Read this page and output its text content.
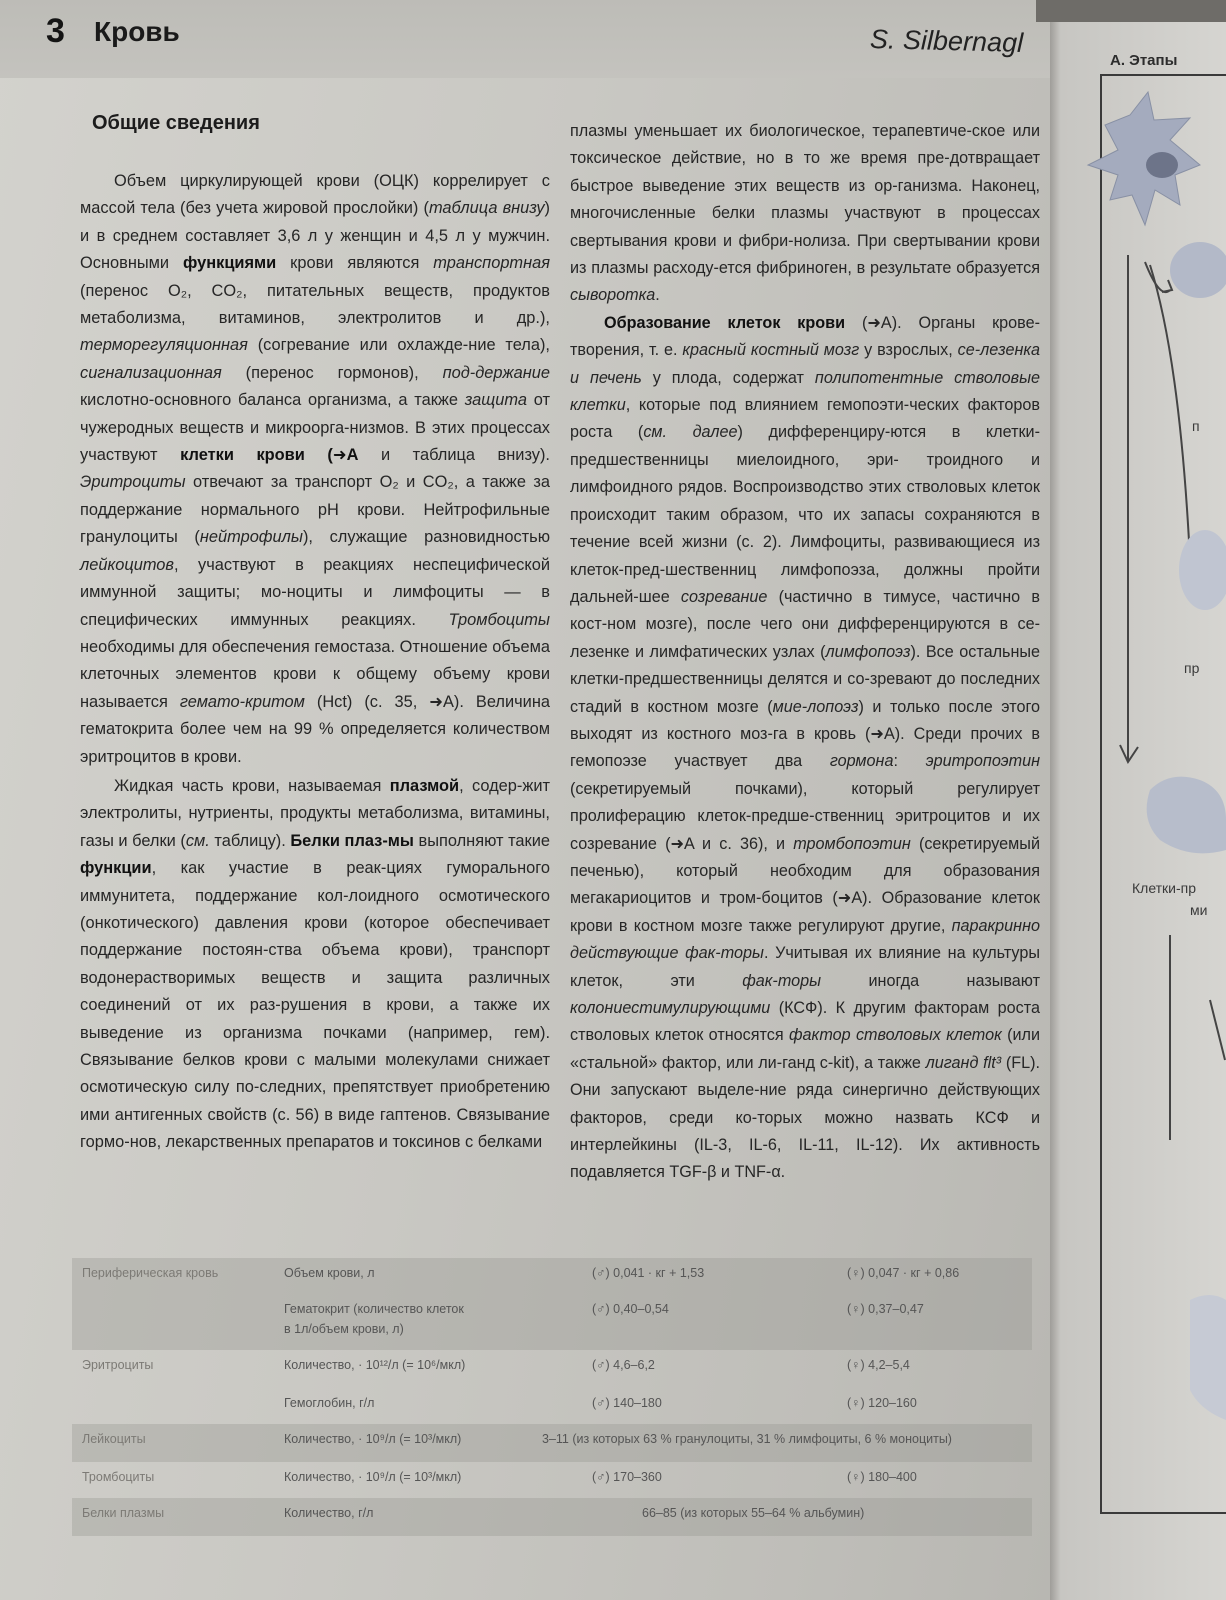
3 Кровь	S. Silbernagl
Общие сведения

Объем циркулирующей крови (ОЦК) коррелирует с массой тела (без учета жировой прослойки) (таблица внизу) и в среднем составляет 3,6 л у женщин и 4,5 л у мужчин. Основными функциями крови являются транспортная (перенос O₂, CO₂, питательных веществ, продуктов метаболизма, витаминов, электролитов и др.), терморегуляционная (согревание или охлажде-ние тела), сигнализационная (перенос гормонов), под-держание кислотно-основного баланса организма, а также защита от чужеродных веществ и микроорга-низмов. В этих процессах участвуют клетки крови (➜A и таблица внизу). Эритроциты отвечают за транспорт O₂ и CO₂, а также за поддержание нормального pH крови. Нейтрофильные гранулоциты (нейтрофилы), служащие разновидностью лейкоцитов, участвуют в реакциях неспецифической иммунной защиты; мо-ноциты и лимфоциты — в специфических иммунных реакциях. Тромбоциты необходимы для обеспечения гемостаза. Отношение объема клеточных элементов крови к общему объему крови называется гемато-критом (Hct) (с. 35, ➜A). Величина гематокрита более чем на 99 % определяется количеством эритроцитов в крови.

Жидкая часть крови, называемая плазмой, содер-жит электролиты, нутриенты, продукты метаболизма, витамины, газы и белки (см. таблицу). Белки плаз-мы выполняют такие функции, как участие в реак-циях гуморального иммунитета, поддержание кол-лоидного осмотического (онкотического) давления крови (которое обеспечивает поддержание постоян-ства объема крови), транспорт водонерастворимых веществ и защита различных соединений от их раз-рушения в крови, а также их выведение из организма почками (например, гем). Связывание белков крови с малыми молекулами снижает осмотическую силу по-следних, препятствует приобретению ими антигенных свойств (с. 56) в виде гаптенов. Связывание гормо-нов, лекарственных препаратов и токсинов с белками

плазмы уменьшает их биологическое, терапевтиче-ское или токсическое действие, но в то же время пре-дотвращает быстрое выведение этих веществ из ор-ганизма. Наконец, многочисленные белки плазмы участвуют в процессах свертывания крови и фибри-нолиза. При свертывании крови из плазмы расходу-ется фибриноген, в результате образуется сыворотка.

Образование клеток крови (➜A). Органы крове-творения, т. е. красный костный мозг у взрослых, се-лезенка и печень у плода, содержат полипотентные стволовые клетки, которые под влиянием гемопоэти-ческих факторов роста (см. далее) дифференциру-ются в клетки-предшественницы миелоидного, эри- троидного и лимфоидного рядов. Воспроизводство этих стволовых клеток происходит таким образом, что их запасы сохраняются в течение всей жизни (с. 2). Лимфоциты, развивающиеся из клеток-пред-шественниц лимфопоэза, должны пройти дальней-шее созревание (частично в тимусе, частично в кост-ном мозге), после чего они дифференцируются в се-лезенке и лимфатических узлах (лимфопоэз). Все остальные клетки-предшественницы делятся и со-зревают до последних стадий в костном мозге (мие-лопоэз) и только после этого выходят из костного моз-га в кровь (➜A). Среди прочих в гемопоэзе участвует два гормона: эритропоэтин (секретируемый почками),	который регулирует пролиферацию клеток-предше-ственниц эритроцитов и их созревание (➜A и с. 36), и тромбопоэтин (секретируемый печенью), который необходим для образования мегакариоцитов и тром-боцитов (➜A). Образование клеток крови в костном мозге также регулируют другие, паракринно действующие фак-торы. Учитывая их влияние на культуры клеток, эти фак-торы иногда называют колониестимулирующими (КСФ). К другим факторам роста стволовых клеток относятся фактор стволовых клеток (или «стальной» фактор, или ли-ганд c-kit), а также лиганд flt³ (FL). Они запускают выделе-ние ряда синергично действующих факторов, среди ко-торых можно назвать КСФ и интерлейкины (IL-3, IL-6, IL-11, IL-12). Их активность подавляется TGF-β и TNF-α.

Периферическая кровь	Объем крови, л	(♂) 0,041 · кг + 1,53	(♀) 0,047 · кг + 0,86
Гематокрит (количество клеток
в 1л/объем крови, л)
(♂) 0,40–0,54	(♀) 0,37–0,47
Эритроциты	Количество, · 10¹²/л (= 10⁶/мкл)	(♂) 4,6–6,2	(♀) 4,2–5,4
Гемоглобин, г/л	(♂) 140–180	(♀) 120–160
Лейкоциты	Количество, · 10⁹/л (= 10³/мкл)	3–11 (из которых 63 % гранулоциты, 31 % лимфоциты, 6 % моноциты)
Тромбоциты	Количество, · 10⁹/л (= 10³/мкл)	(♂) 170–360	(♀) 180–400
Белки плазмы	Количество, г/л	66–85 (из которых 55–64 % альбумин)
А. Этапы
п
пр
Клетки-пр
ми
